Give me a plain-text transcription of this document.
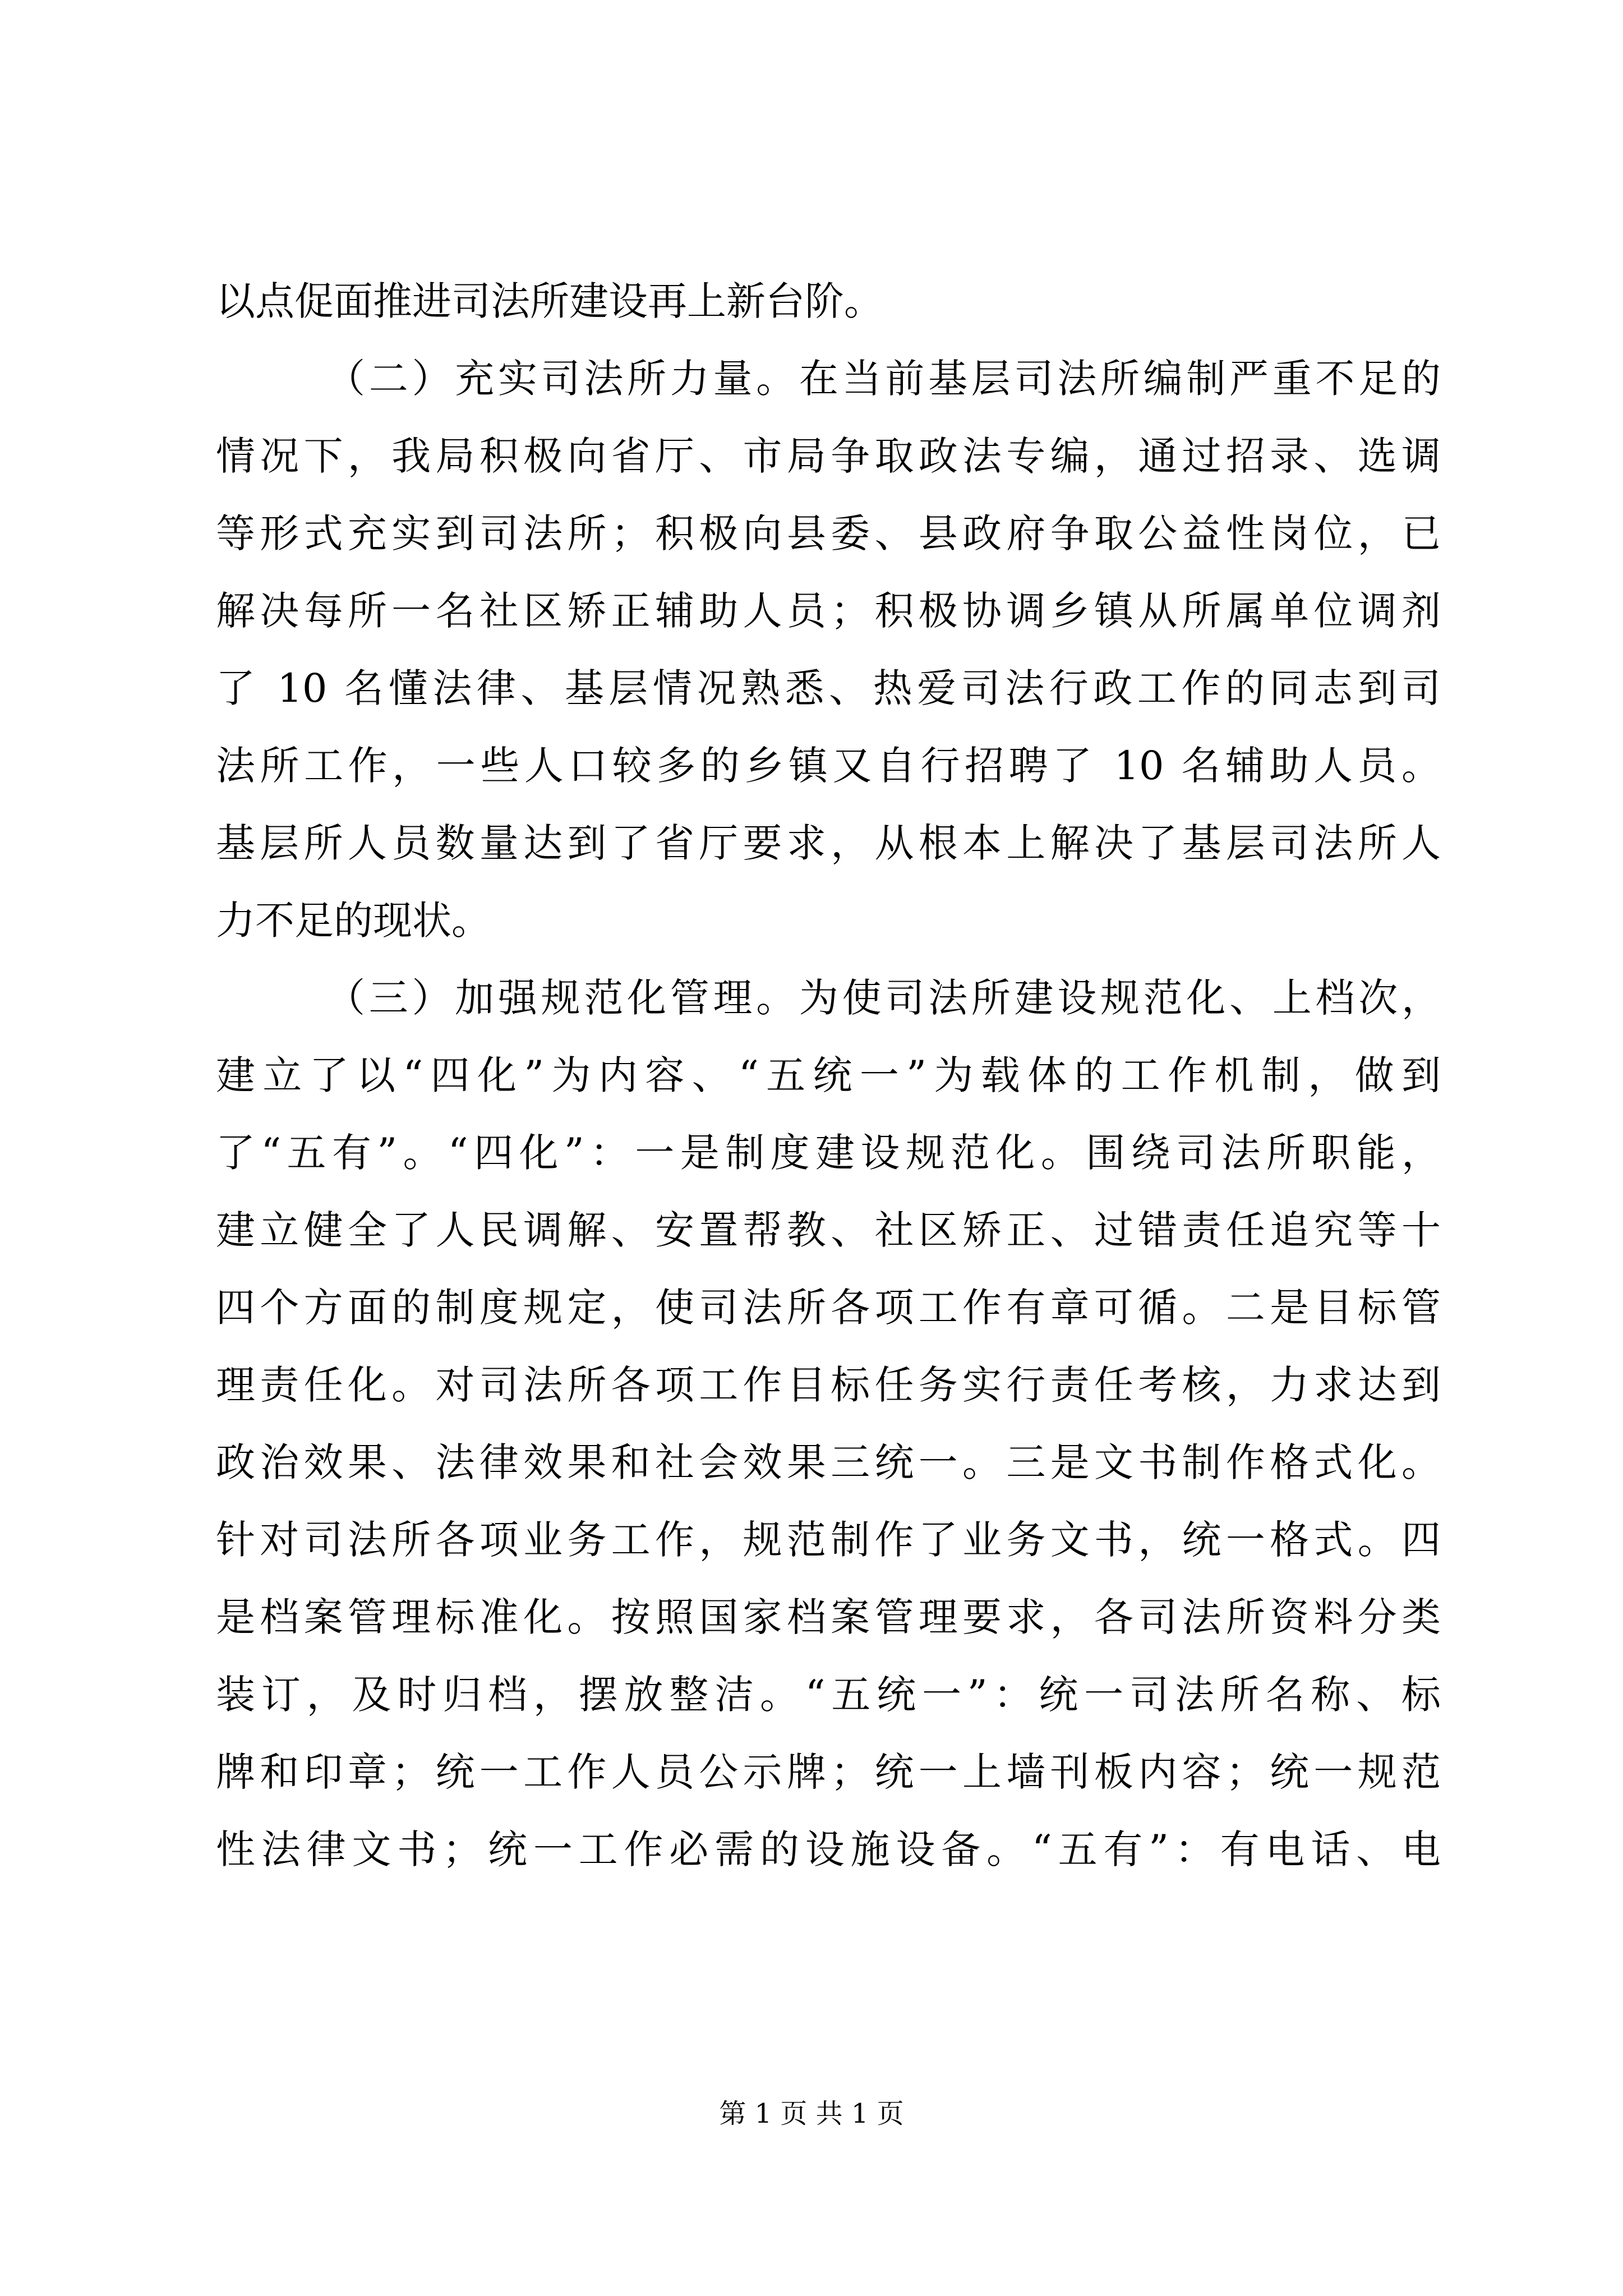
以点促面推进司法所建设再上新台阶。
（二）充实司法所力量。在当前基层司法所编制严重不足的
情况下，我局积极向省厅、市局争取政法专编，通过招录、选调
等形式充实到司法所；积极向县委、县政府争取公益性岗位，已
解决每所一名社区矫正辅助人员；积极协调乡镇从所属单位调剂
了 10 名懂法律、基层情况熟悉、热爱司法行政工作的同志到司
法所工作，一些人口较多的乡镇又自行招聘了 10 名辅助人员。
基层所人员数量达到了省厅要求，从根本上解决了基层司法所人
力不足的现状。
（三）加强规范化管理。为使司法所建设规范化、上档次，
建立了以“四化”为内容、“五统一”为载体的工作机制，做到
了“五有”。“四化”：一是制度建设规范化。围绕司法所职能，
建立健全了人民调解、安置帮教、社区矫正、过错责任追究等十
四个方面的制度规定，使司法所各项工作有章可循。二是目标管
理责任化。对司法所各项工作目标任务实行责任考核，力求达到
政治效果、法律效果和社会效果三统一。三是文书制作格式化。
针对司法所各项业务工作，规范制作了业务文书，统一格式。四
是档案管理标准化。按照国家档案管理要求，各司法所资料分类
装订，及时归档，摆放整洁。“五统一”：统一司法所名称、标
牌和印章；统一工作人员公示牌；统一上墙刊板内容；统一规范
性法律文书；统一工作必需的设施设备。“五有”：有电话、电
第 1 页 共 1 页
